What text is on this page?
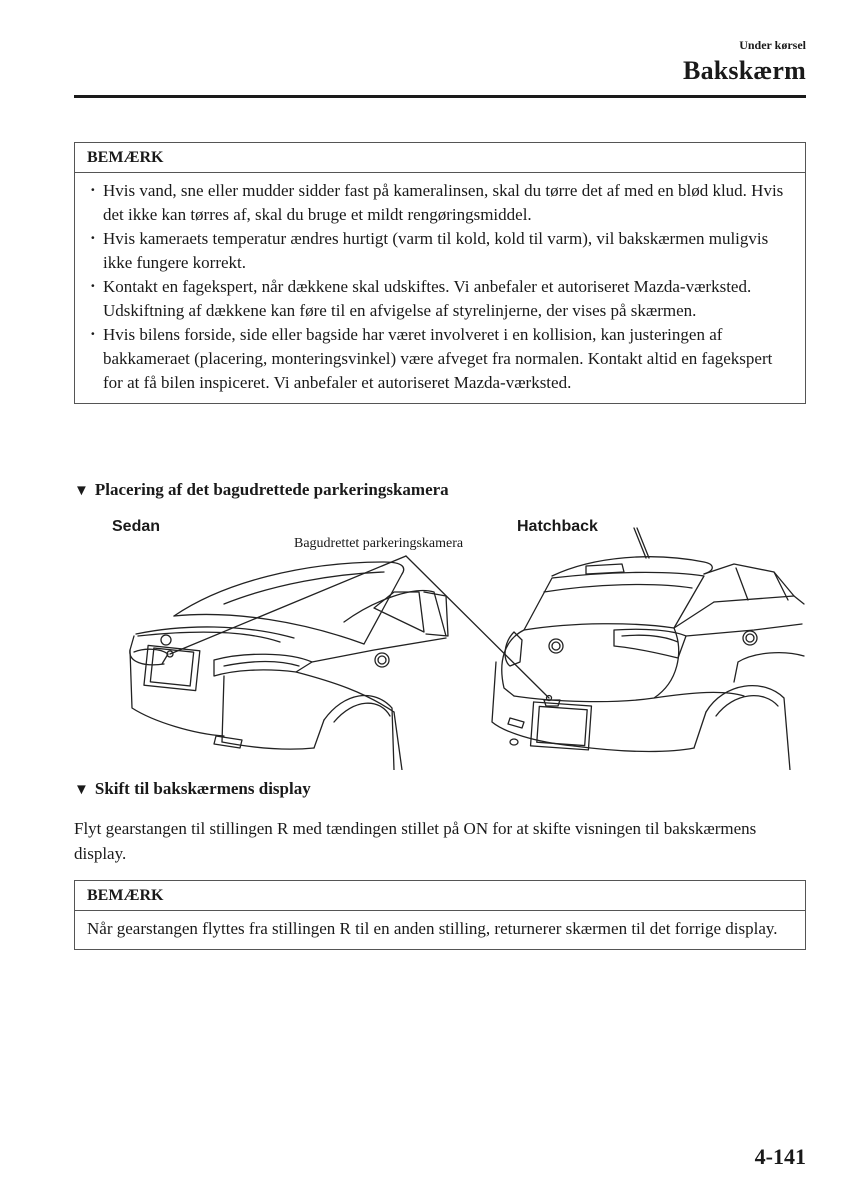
Under kørsel
Bakskærm
BEMÆRK
· Hvis vand, sne eller mudder sidder fast på kameralinsen, skal du tørre det af med en blød klud. Hvis det ikke kan tørres af, skal du bruge et mildt rengøringsmiddel.
· Hvis kameraets temperatur ændres hurtigt (varm til kold, kold til varm), vil bakskærmen muligvis ikke fungere korrekt.
· Kontakt en fagekspert, når dækkene skal udskiftes. Vi anbefaler et autoriseret Mazda-værksted. Udskiftning af dækkene kan føre til en afvigelse af styrelinjerne, der vises på skærmen.
· Hvis bilens forside, side eller bagside har været involveret i en kollision, kan justeringen af bakkameraet (placering, monteringsvinkel) være afveget fra normalen. Kontakt altid en fagekspert for at få bilen inspiceret. Vi anbefaler et autoriseret Mazda-værksted.
▼ Placering af det bagudrettede parkeringskamera
Sedan	Hatchback
Bagudrettet parkeringskamera
▼ Skift til bakskærmens display
Flyt gearstangen til stillingen R med tændingen stillet på ON for at skifte visningen til bakskærmens display.
BEMÆRK
Når gearstangen flyttes fra stillingen R til en anden stilling, returnerer skærmen til det forrige display.
4-141
